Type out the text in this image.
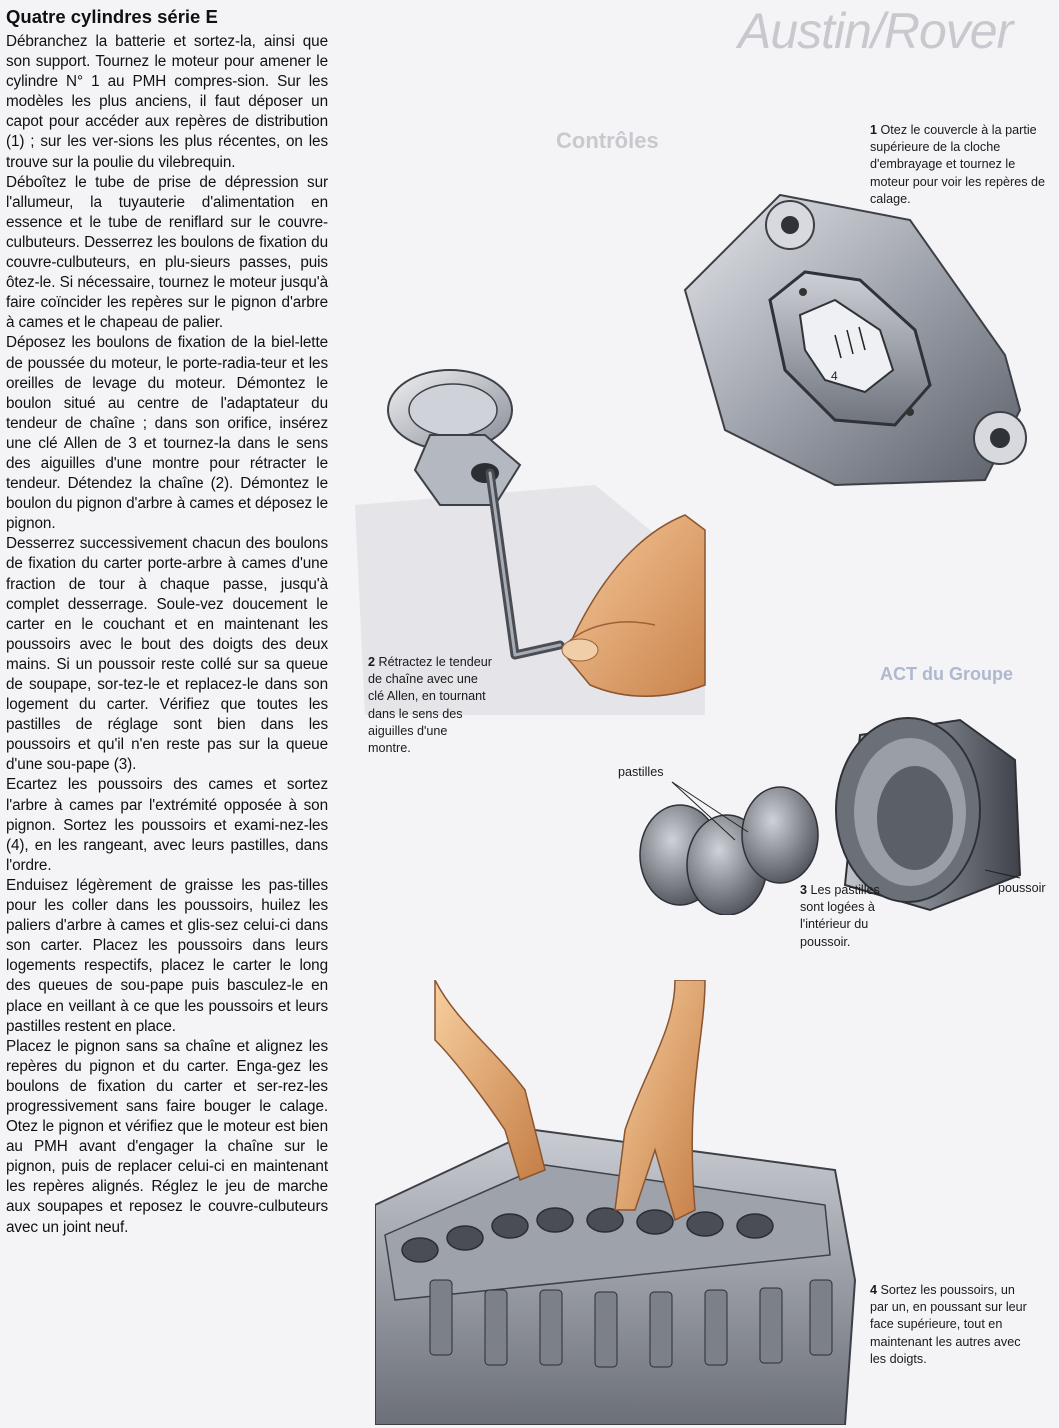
Austin/Rover
Contrôles
ACT du Groupe
Quatre cylindres série E

Débranchez la batterie et sortez-la, ainsi que son support. Tournez le moteur pour amener le cylindre N° 1 au PMH compres-sion. Sur les modèles les plus anciens, il faut déposer un capot pour accéder aux repères de distribution (1) ; sur les ver-sions les plus récentes, on les trouve sur la poulie du vilebrequin.

Déboîtez le tube de prise de dépression sur l'allumeur, la tuyauterie d'alimentation en essence et le tube de reniflard sur le couvre- culbuteurs. Desserrez les boulons de fixation du couvre-culbuteurs, en plu-sieurs passes, puis ôtez-le. Si nécessaire, tournez le moteur jusqu'à faire coïncider les repères sur le pignon d'arbre à cames et le chapeau de palier.

Déposez les boulons de fixation de la biel-lette de poussée du moteur, le porte-radia-teur et les oreilles de levage du moteur. Démontez le boulon situé au centre de l'adaptateur du tendeur de chaîne ; dans son orifice, insérez une clé Allen de 3 et tournez-la dans le sens des aiguilles d'une montre pour rétracter le tendeur. Détendez la chaîne (2). Démontez le boulon du pignon d'arbre à cames et déposez le pignon.

Desserrez successivement chacun des boulons de fixation du carter porte-arbre à cames d'une fraction de tour à chaque passe, jusqu'à complet desserrage. Soule-vez doucement le carter en le couchant et en maintenant les poussoirs avec le bout des doigts des deux mains. Si un poussoir reste collé sur sa queue de soupape, sor-tez-le et replacez-le dans son logement du carter. Vérifiez que toutes les pastilles de réglage sont bien dans les poussoirs et qu'il n'en reste pas sur la queue d'une sou-pape (3).

Ecartez les poussoirs des cames et sortez l'arbre à cames par l'extrémité opposée à son pignon. Sortez les poussoirs et exami-nez-les (4), en les rangeant, avec leurs pastilles, dans l'ordre.

Enduisez légèrement de graisse les pas-tilles pour les coller dans les poussoirs, huilez les paliers d'arbre à cames et glis-sez celui-ci dans son carter. Placez les poussoirs dans leurs logements respectifs, placez le carter le long des queues de sou-pape puis basculez-le en place en veillant à ce que les poussoirs et leurs pastilles restent en place.

Placez le pignon sans sa chaîne et alignez les repères du pignon et du carter. Enga-gez les boulons de fixation du carter et ser-rez-les progressivement sans faire bouger le calage. Otez le pignon et vérifiez que le moteur est bien au PMH avant d'engager la chaîne sur le pignon, puis de replacer celui-ci en maintenant les repères alignés. Réglez le jeu de marche aux soupapes et reposez le couvre-culbuteurs avec un joint neuf.

4
pastilles
poussoir
1 Otez le couvercle à la partie supérieure de la cloche d'embrayage et tournez le moteur pour voir les repères de calage.
2 Rétractez le tendeur de chaîne avec une clé Allen, en tournant dans le sens des aiguilles d'une montre.
3 Les pastilles sont logées à l'intérieur du poussoir.
4 Sortez les poussoirs, un par un, en poussant sur leur face supérieure, tout en maintenant les autres avec les doigts.
